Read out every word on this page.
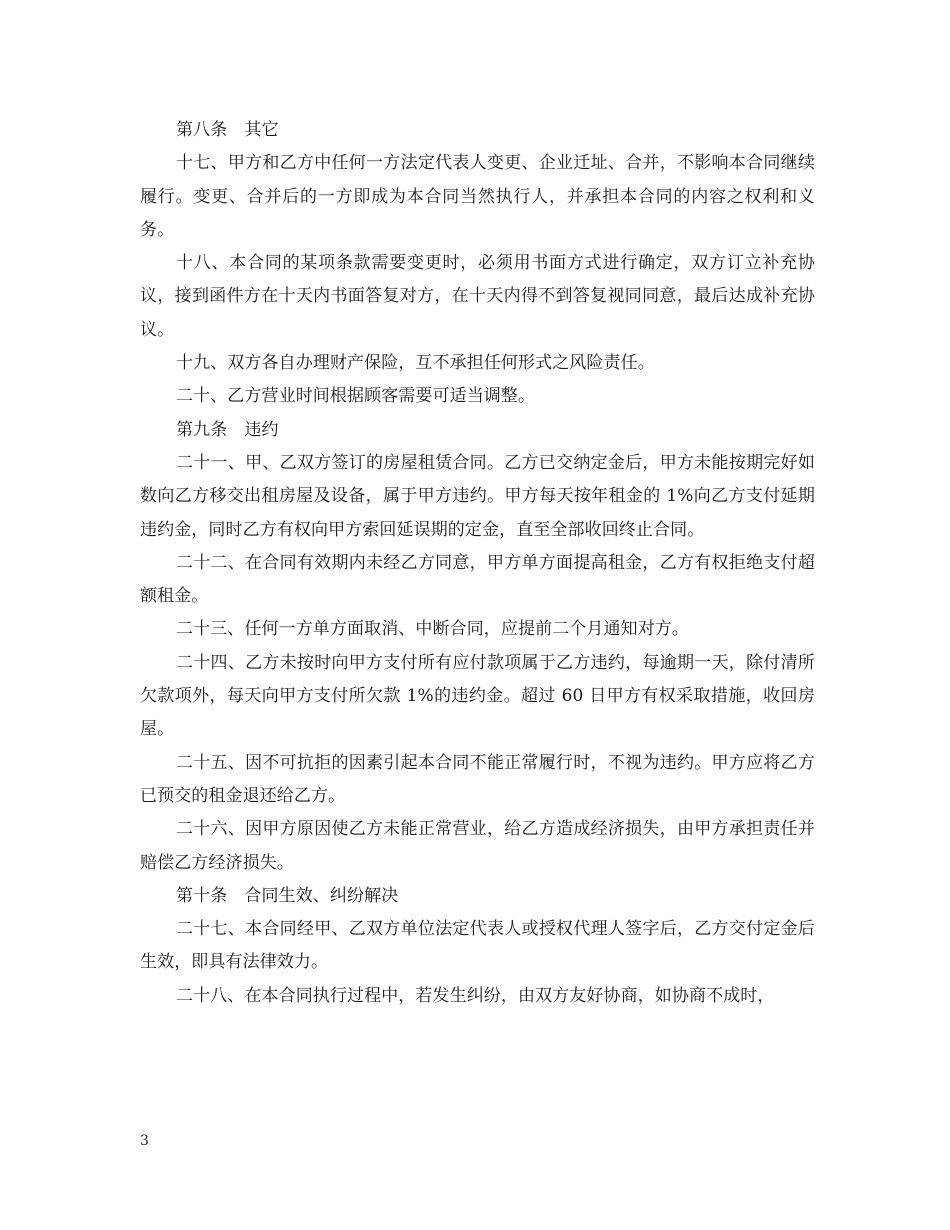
第八条　其它

十七、甲方和乙方中任何一方法定代表人变更、企业迁址、合并，不影响本合同继续履行。变更、合并后的一方即成为本合同当然执行人，并承担本合同的内容之权利和义务。

十八、本合同的某项条款需要变更时，必须用书面方式进行确定，双方订立补充协议，接到函件方在十天内书面答复对方，在十天内得不到答复视同同意，最后达成补充协议。

十九、双方各自办理财产保险，互不承担任何形式之风险责任。

二十、乙方营业时间根据顾客需要可适当调整。

第九条　违约

二十一、甲、乙双方签订的房屋租赁合同。乙方已交纳定金后，甲方未能按期完好如数向乙方移交出租房屋及设备，属于甲方违约。甲方每天按年租金的 1%向乙方支付延期违约金，同时乙方有权向甲方索回延误期的定金，直至全部收回终止合同。

二十二、在合同有效期内未经乙方同意，甲方单方面提高租金，乙方有权拒绝支付超额租金。

二十三、任何一方单方面取消、中断合同，应提前二个月通知对方。

二十四、乙方未按时向甲方支付所有应付款项属于乙方违约，每逾期一天，除付清所欠款项外，每天向甲方支付所欠款 1%的违约金。超过 60 日甲方有权采取措施，收回房屋。

二十五、因不可抗拒的因素引起本合同不能正常履行时，不视为违约。甲方应将乙方已预交的租金退还给乙方。

二十六、因甲方原因使乙方未能正常营业，给乙方造成经济损失，由甲方承担责任并赔偿乙方经济损失。

第十条　合同生效、纠纷解决

二十七、本合同经甲、乙双方单位法定代表人或授权代理人签字后，乙方交付定金后生效，即具有法律效力。

二十八、在本合同执行过程中，若发生纠纷，由双方友好协商，如协商不成时，

3
